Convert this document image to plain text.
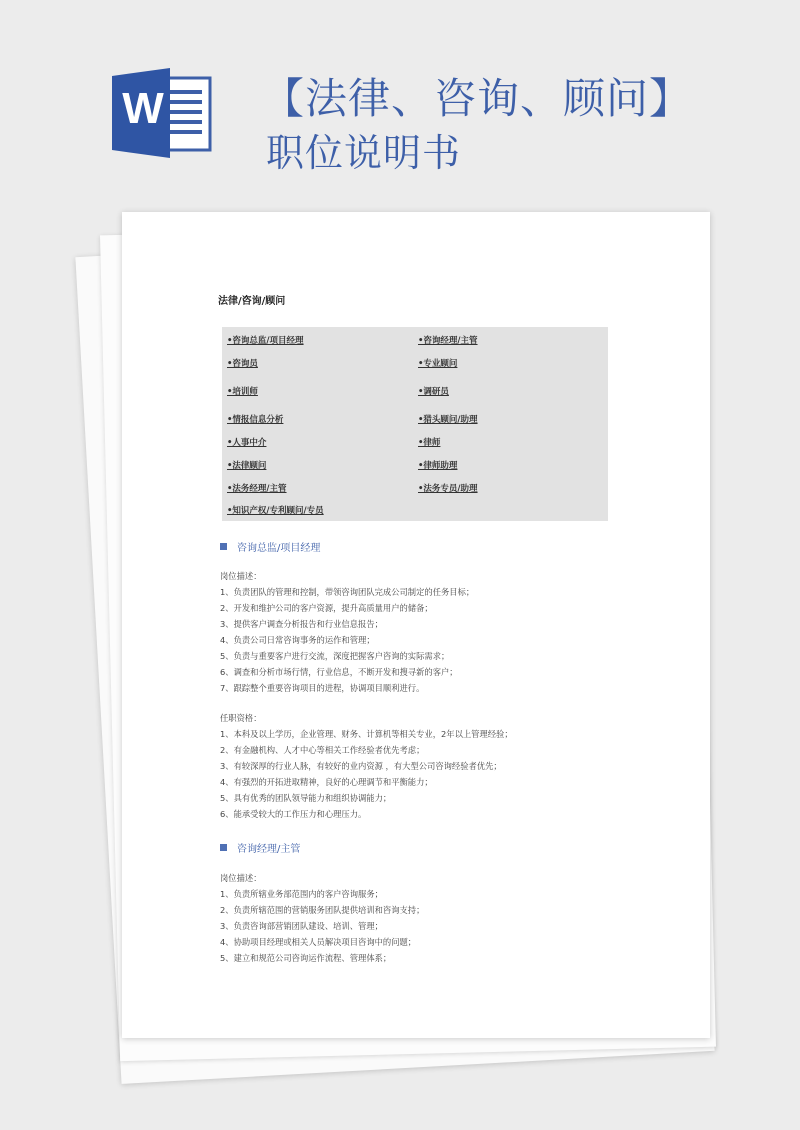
W 【法律、咨询、顾问】
职位说明书
法律/咨询/顾问
•咨询总监/项目经理
•咨询员
•培训师
•情报信息分析
•人事中介
•法律顾问
•法务经理/主管
•知识产权/专利顾问/专员
•咨询经理/主管
•专业顾问
•调研员
•猎头顾问/助理
•律师
•律师助理
•法务专员/助理
咨询总监/项目经理
岗位描述：
1、负责团队的管理和控制，带领咨询团队完成公司制定的任务目标；
2、开发和维护公司的客户资源，提升高质量用户的储备；
3、提供客户调查分析报告和行业信息报告；
4、负责公司日常咨询事务的运作和管理；
5、负责与重要客户进行交流，深度把握客户咨询的实际需求；
6、调查和分析市场行情，行业信息，不断开发和搜寻新的客户；
7、跟踪整个重要咨询项目的进程，协调项目顺利进行。
任职资格：
1、本科及以上学历，企业管理、财务、计算机等相关专业，2年以上管理经验；
2、有金融机构、人才中心等相关工作经验者优先考虑；
3、有较深厚的行业人脉，有较好的业内资源 ，有大型公司咨询经验者优先；
4、有强烈的开拓进取精神，良好的心理调节和平衡能力；
5、具有优秀的团队领导能力和组织协调能力；
6、能承受较大的工作压力和心理压力。
咨询经理/主管
岗位描述：
1、负责所辖业务部范围内的客户咨询服务；
2、负责所辖范围的营销服务团队提供培训和咨询支持；
3、负责咨询部营销团队建设、培训、管理；
4、协助项目经理或相关人员解决项目咨询中的问题；
5、建立和规范公司咨询运作流程、管理体系；
